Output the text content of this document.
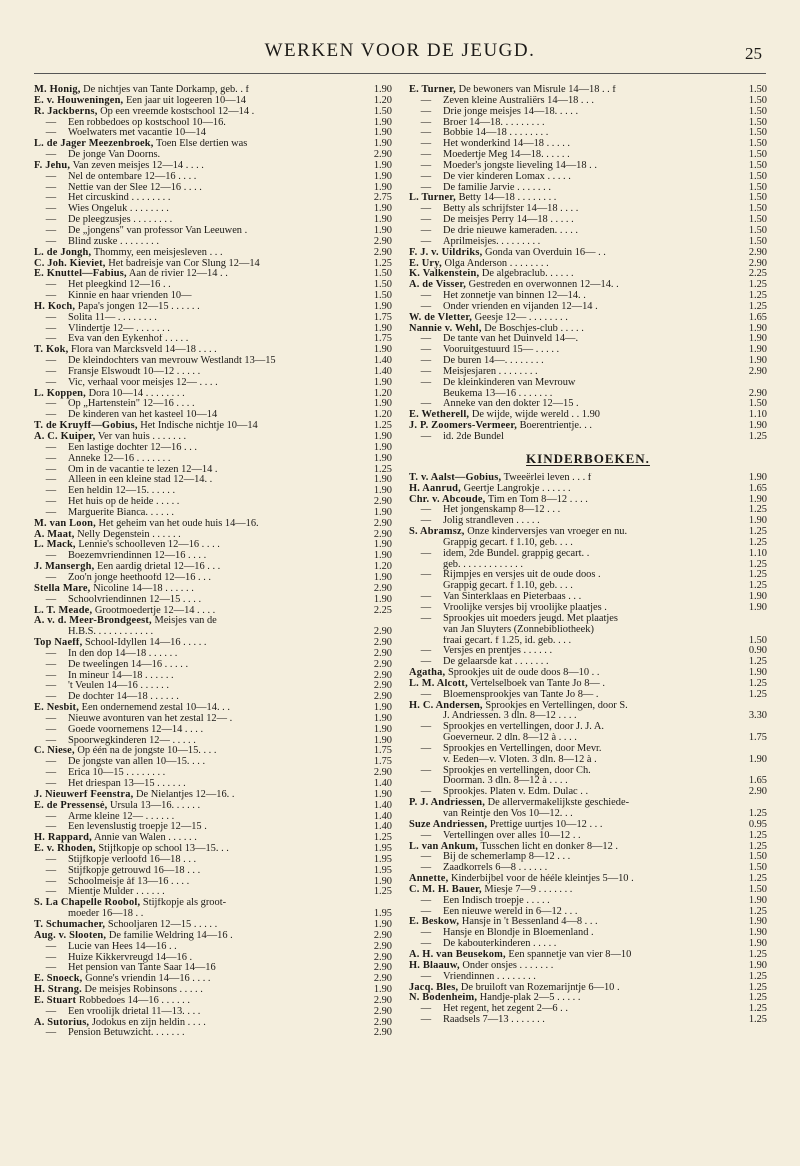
WERKEN VOOR DE JEUGD.	25
M. Honig, De nichtjes van Tante Dorkamp, geb. . f	1.90
E. v. Houweningen, Een jaar uit logeeren 10—14	1.20
R. Jackberns, Op een vreemde kostschool 12—14 .	1.50
— Een robbedoes op kostschool 10—16.	1.90
— Woelwaters met vacantie 10—14	1.90
L. de Jager Meezenbroek, Toen Else dertien was	1.90
— De jonge Van Doorns.	2.90
F. Jehu, Van zeven meisjes 12—14 . . . .	1.90
— Nel de ontembare 12—16 . . . .	1.90
— Nettie van der Slee 12—16 . . . .	1.90
— Het circuskind . . . . . . . .	2.75
— Wies Ongeluk . . . . . . . .	1.90
— De pleegzusjes . . . . . . . .	1.90
— De „jongens" van professor Van Leeuwen .	1.90
— Blind zuske . . . . . . . .	2.90
L. de Jongh, Thommy, een meisjesleven . . .	2.90
C. Joh. Kieviet, Het badreisje van Cor Slung 12—14	1.25
E. Knuttel—Fabius, Aan de rivier 12—14 . .	1.50
— Het pleegkind 12—16 . .	1.50
— Kinnie en haar vrienden 10—	1.50
H. Koch, Papa's jongen 12—15 . . . . . .	1.90
— Solita 11— . . . . . . . .	1.75
— Vlindertje 12— . . . . . . .	1.90
— Eva van den Eykenhof . . . . .	1.75
T. Kok, Flora van Marcksveld 14—18 . . . .	1.90
— De kleindochters van mevrouw Westlandt 13—15	1.40
— Fransje Elswoudt 10—12 . . . . .	1.40
— Vic, verhaal voor meisjes 12— . . . .	1.90
L. Koppen, Dora 10—14 . . . . . . . .	1.20
— Op „Hartenstein" 12—16 . . . .	1.90
— De kinderen van het kasteel 10—14	1.20
T. de Kruyff—Gobius, Het Indische nichtje 10—14	1.25
A. C. Kuiper, Ver van huis . . . . . . .	1.90
— Een lastige dochter 12—16 . . .	1.90
— Anneke 12—16 . . . . . . .	1.90
— Om in de vacantie te lezen 12—14 .	1.25
— Alleen in een kleine stad 12—14. .	1.90
— Een heldin 12—15. . . . . .	1.90
— Het huis op de heide . . . . .	2.90
— Marguerite Bianca. . . . . .	1.90
M. van Loon, Het geheim van het oude huis 14—16.	2.90
A. Maat, Nelly Degenstein . . . . . .	2.90
L. Mack, Lennie's schoolleven 12—16 . . . .	1.90
— Boezemvriendinnen 12—16 . . . .	1.90
J. Mansergh, Een aardig drietal 12—16 . . .	1.20
— Zoo'n jonge heethoofd 12—16 . . .	1.90
Stella Mare, Nicoline 14—18 . . . . . .	2.90
— Schoolvriendinnen 12—15 . . . .	1.90
L. T. Meade, Grootmoedertje 12—14 . . . .	2.25
A. v. d. Meer-Brondgeest, Meisjes van de
H.B.S. . . . . . . . . . . .	2.90
Top Naeff, School-Idyllen 14—16 . . . . .	2.90
— In den dop 14—18 . . . . . .	2.90
— De tweelingen 14—16 . . . . .	2.90
— In mineur 14—18 . . . . . .	2.90
— 't Veulen 14—16 . . . . . .	2.90
— De dochter 14—18 . . . . . .	2.90
E. Nesbit, Een ondernemend zestal 10—14. . .	1.90
— Nieuwe avonturen van het zestal 12— .	1.90
— Goede voornemens 12—14 . . . .	1.90
— Spoorwegkinderen 12— . . . . .	1.90
C. Niese, Op één na de jongste 10—15. . . .	1.75
— De jongste van allen 10—15. . . .	1.75
— Erica 10—15 . . . . . . . .	2.90
— Het driespan 13—15 . . . . . .	1.40
J. Nieuwerf Feenstra, De Nielantjes 12—16. .	1.90
E. de Pressensé, Ursula 13—16. . . . . .	1.40
— Arme kleine 12— . . . . . .	1.40
— Een levenslustig troepje 12—15 .	1.40
H. Rappard, Annie van Walen . . . . . .	1.25
E. v. Rhoden, Stijfkopje op school 13—15. . .	1.95
— Stijfkopje verloofd 16—18 . . .	1.95
— Stijfkopje getrouwd 16—18 . . .	1.95
— Schoolmeisje åf 13—16 . . . .	1.90
— Mientje Mulder . . . . . .	1.25
S. La Chapelle Roobol, Stijfkopje als groot-
moeder 16—18 . .	1.95
T. Schumacher, Schooljaren 12—15 . . . . .	1.90
Aug. v. Slooten, De familie Weldring 14—16 .	2.90
— Lucie van Hees 14—16 . .	2.90
— Huize Kikkervreugd 14—16 .	2.90
— Het pension van Tante Saar 14—16	2.90
E. Snoeck, Gonne's vriendin 14—16 . . . .	2.90
H. Strang. De meisjes Robinsons . . . . .	1.90
E. Stuart Robbedoes 14—16 . . . . . .	2.90
— Een vroolijk drietal 11—13. . . .	2.90
A. Sutorius, Jodokus en zijn heldin . . . .	2.90
— Pension Betuwzicht. . . . . . .	2.90
E. Turner, De bewoners van Misrule 14—18 . . f	1.50
— Zeven kleine Australiërs 14—18 . . .	1.50
— Drie jonge meisjes 14—18. . . . .	1.50
— Broer 14—18. . . . . . . . .	1.50
— Bobbie 14—18 . . . . . . . .	1.50
— Het wonderkind 14—18 . . . . .	1.50
— Moedertje Meg 14—18. . . . . .	1.50
— Moeder's jongste lieveling 14—18 . .	1.50
— De vier kinderen Lomax . . . . .	1.50
— De familie Jarvie . . . . . . .	1.50
L. Turner, Betty 14—18 . . . . . . . .	1.50
— Betty als schrijfster 14—18 . . . .	1.50
— De meisjes Perry 14—18 . . . . .	1.50
— De drie nieuwe kameraden. . . . .	1.50
— Aprilmeisjes. . . . . . . . .	1.50
F. J. v. Uildriks, Gonda van Overduin 16— . .	2.90
E. Ury, Olga Anderson . . . . . . . .	2.90
K. Valkenstein, De algebraclub. . . . . .	2.25
A. de Visser, Gestreden en overwonnen 12—14. .	1.25
— Het zonnetje van binnen 12—14. .	1.25
— Onder vrienden en vijanden 12—14 .	1.25
W. de Vletter, Geesje 12— . . . . . . . .	1.65
Nannie v. Wehl, De Boschjes-club . . . . .	1.90
— De tante van het Duinveld 14—.	1.90
— Vooruitgestuurd 15— . . . . .	1.90
— De buren 14—. . . . . . . .	1.90
— Meisjesjaren . . . . . . . .	2.90
— De kleinkinderen van Mevrouw
Beukema 13—16 . . . . . . .	2.90
— Anneke van den dokter 12—15 .	1.50
E. Wetherell, De wijde, wijde wereld . . 1.90	1.10
J. P. Zoomers-Vermeer, Boerentrientje. . .	1.90
— id. 2de Bundel	1.25
KINDERBOEKEN.
T. v. Aalst—Gobius, Tweeërlei leven . . . f	1.90
H. Aanrud, Geertje Langrokje . . . . . .	1.65
Chr. v. Abcoude, Tim en Tom 8—12 . . . .	1.90
— Het jongenskamp 8—12 . . .	1.25
— Jolig strandleven . . . . .	1.90
S. Abramsz, Onze kinderversjes van vroeger en nu.	1.25
Grappig gecart. f 1.10, geb. . . .	1.25
— idem, 2de Bundel. grappig gecart. .	1.10
geb. . . . . . . . . . . . .	1.25
— Rijmpjes en versjes uit de oude doos .	1.25
Grappig gecart. f 1.10, geb. . . .	1.25
— Van Sinterklaas en Pieterbaas . . .	1.90
— Vroolijke versjes bij vroolijke plaatjes .	1.90
— Sprookjes uit moeders jeugd. Met plaatjes
van Jan Sluyters (Zonnebibliotheek)
fraai gecart. f 1.25, id. geb. . . .	1.50
— Versjes en prentjes . . . . . .	0.90
— De gelaarsde kat . . . . . . .	1.25
Agatha, Sprookjes uit de oude doos 8—10 . .	1.90
L. M. Alcott, Vertelselboek van Tante Jo 8— .	1.25
— Bloemensprookjes van Tante Jo 8— .	1.25
H. C. Andersen, Sprookjes en Vertellingen, door S.
J. Andriessen. 3 dln. 8—12 . . . .	3.30
— Sprookjes en vertellingen, door J. J. A.
Goeverneur. 2 dln. 8—12 à . . . .	1.75
— Sprookjes en Vertellingen, door Mevr.
v. Eeden—v. Vloten. 3 dln. 8—12 à .	1.90
— Sprookjes en vertellingen, door Ch.
Doorman. 3 dln. 8—12 à . . . .	1.65
— Sprookjes. Platen v. Edm. Dulac . .	2.90
P. J. Andriessen, De allervermakelijkste geschiede-
van Reintje den Vos 10—12. . .	1.25
Suze Andriessen, Prettige uurtjes 10—12 . . .	0.95
— Vertellingen over alles 10—12 . .	1.25
L. van Ankum, Tusschen licht en donker 8—12 .	1.25
— Bij de schemerlamp 8—12 . . .	1.50
— Zaadkorrels 6—8 . . . . . .	1.50
Annette, Kinderbijbel voor de hééle kleintjes 5—10 .	1.25
C. M. H. Bauer, Miesje 7—9 . . . . . . .	1.50
— Een Indisch troepje . . . . .	1.90
— Een nieuwe wereld in 6—12 . . .	1.25
E. Beskow, Hansje in 't Bessenland 4—8 . . .	1.90
— Hansje en Blondje in Bloemenland .	1.90
— De kabouterkinderen . . . . .	1.90
A. H. van Beusekom, Een spannetje van vier 8—10	1.25
H. Blaauw, Onder onsjes . . . . . . .	1.90
— Vriendinnen . . . . . . . .	1.25
Jacq. Bles, De bruiloft van Rozemarijntje 6—10 .	1.25
N. Bodenheim, Handje-plak 2—5 . . . . .	1.25
— Het regent, het zegent 2—6 . .	1.25
— Raadsels 7—13 . . . . . . .	1.25
